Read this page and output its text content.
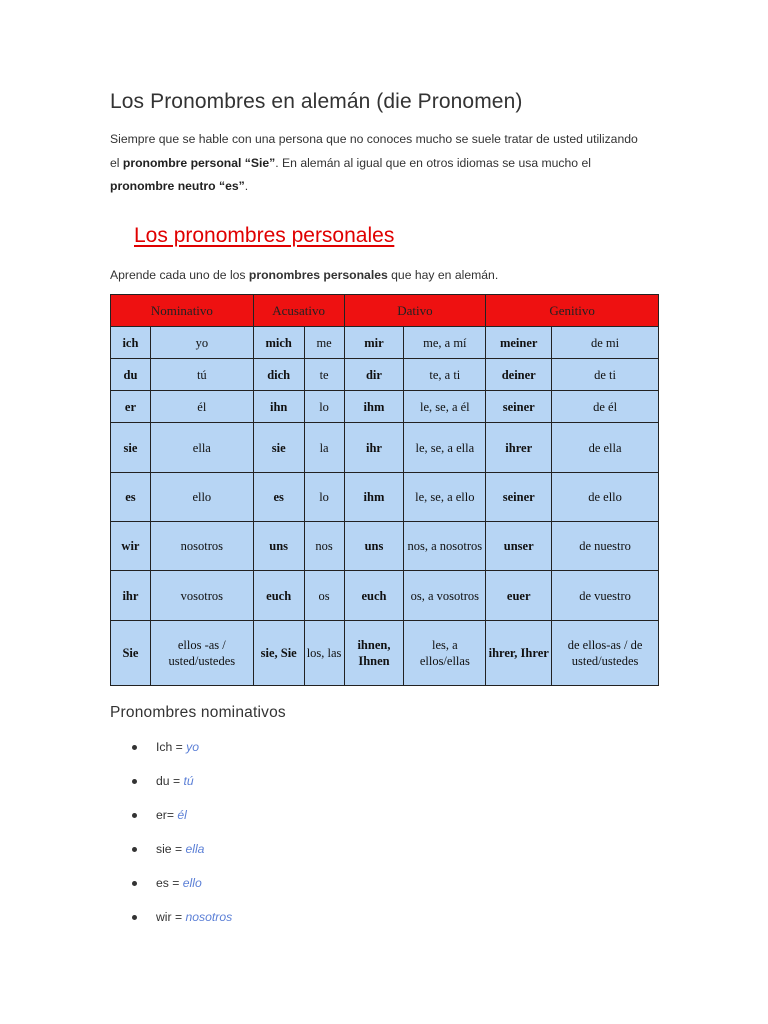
Los Pronombres en alemán (die Pronomen)

Siempre que se hable con una persona que no conoces mucho se suele tratar de usted utilizando el pronombre personal “Sie”. En alemán al igual que en otros idiomas se usa mucho el pronombre neutro “es”.

Los pronombres personales

Aprende cada uno de los pronombres personales que hay en alemán.

Nominativo		Acusativo		Dativo		Genitivo	
ich	yo	mich	me	mir	me, a mí	meiner	de mi
du	tú	dich	te	dir	te, a ti	deiner	de ti
er	él	ihn	lo	ihm	le, se, a él	seiner	de él
sie	ella	sie	la	ihr	le, se, a ella	ihrer	de ella
es	ello	es	lo	ihm	le, se, a ello	seiner	de ello
wir	nosotros	uns	nos	uns	nos, a nosotros	unser	de nuestro
ihr	vosotros	euch	os	euch	os, a vosotros	euer	de vuestro
Sie	ellos -as / usted/ustedes	sie, Sie	los, las	ihnen, Ihnen	les, a ellos/ellas	ihrer, Ihrer	de ellos-as / de usted/ustedes
Pronombres nominativos
Ich = yo
du = tú
er= él
sie = ella
es = ello
wir = nosotros
